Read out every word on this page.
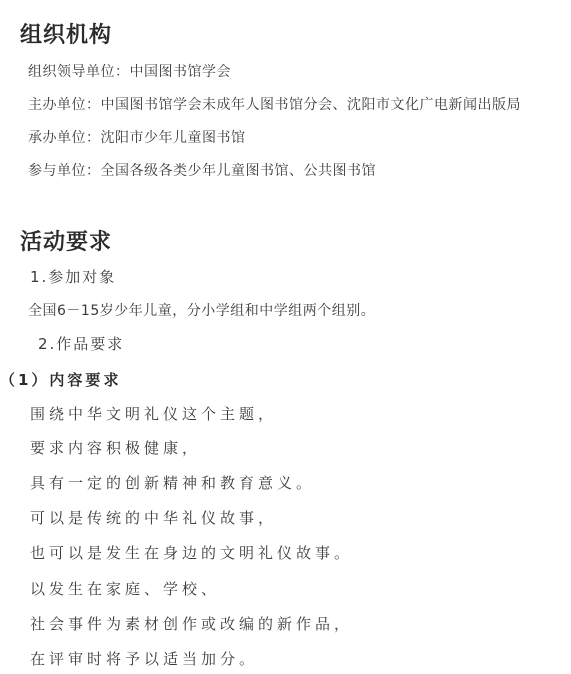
组织机构
组织领导单位：中国图书馆学会
主办单位：中国图书馆学会未成年人图书馆分会、沈阳市文化广电新闻出版局
承办单位：沈阳市少年儿童图书馆
参与单位：全国各级各类少年儿童图书馆、公共图书馆
活动要求
1.参加对象
全国6－15岁少年儿童，分小学组和中学组两个组别。
2.作品要求
（1）内容要求
围绕中华文明礼仪这个主题，
要求内容积极健康，
具有一定的创新精神和教育意义。
可以是传统的中华礼仪故事，
也可以是发生在身边的文明礼仪故事。
以发生在家庭、学校、
社会事件为素材创作或改编的新作品，
在评审时将予以适当加分。
